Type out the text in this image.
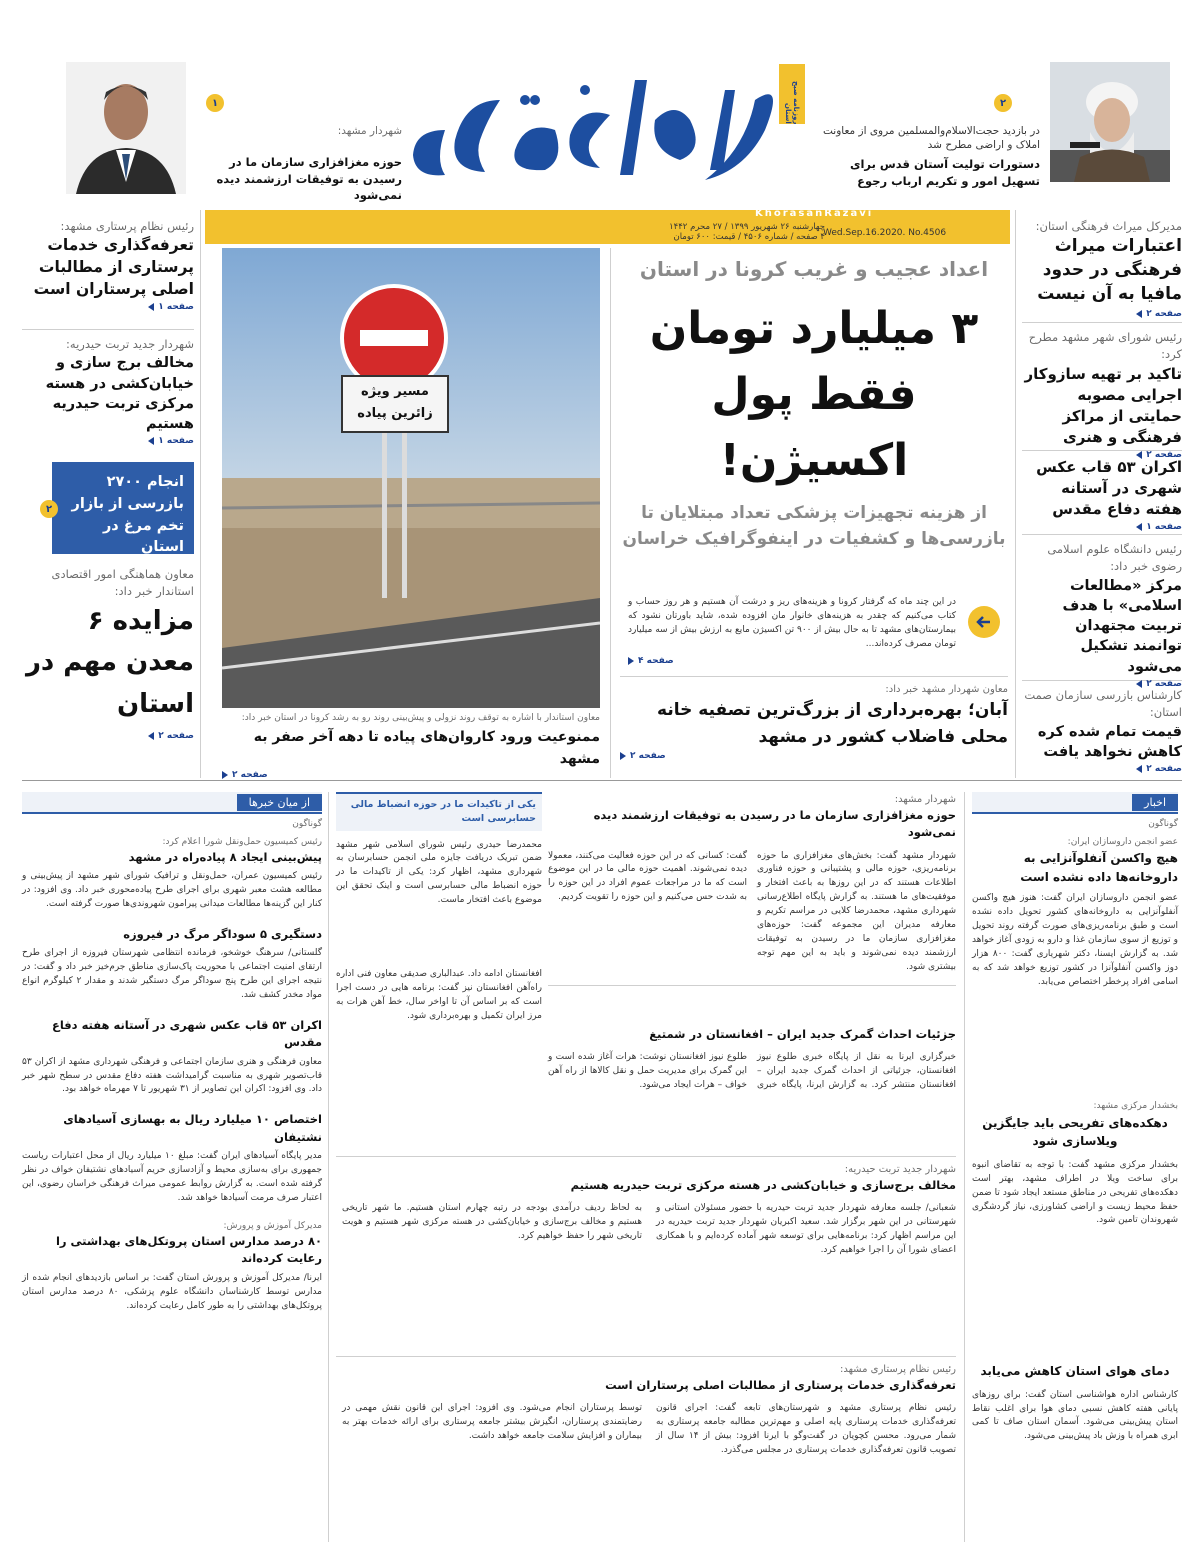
۲
در بازدید حجت‌الاسلام‌والمسلمین مروی از معاونت املاک و اراضی مطرح شد
دستورات تولیت آستان قدس برای تسهیل امور و تکریم ارباب رجوع
روزنامه صبح استان
۱
شهردار مشهد:
حوزه مغزافزاری سازمان ما در رسیدن به توفیقات ارزشمند دیده نمی‌شود
KhorasanRazavi
چهارشنبه ۲۶ شهریور ۱۳۹۹ / ۲۷ محرم ۱۴۴۲
۴ صفحه / شماره ۴۵۰۶ / قیمت: ۶۰۰ تومان
Wed.Sep.16.2020. No.4506	مدیرکل میراث فرهنگی استان:
اعتبارات میراث فرهنگی در حدود مافیا به آن نیست
صفحه ۲
رئیس شورای شهر مشهد مطرح کرد:
تاکید بر تهیه سازوکار اجرایی مصوبه حمایتی از مراکز فرهنگی و هنری
صفحه ۲
اکران ۵۳ قاب عکس شهری در آستانه هفته دفاع مقدس
صفحه ۱
رئیس دانشگاه علوم اسلامی رضوی خبر داد:
مرکز «مطالعات اسلامی» با هدف تربیت مجتهدان توانمند تشکیل می‌شود
صفحه ۲
کارشناس بازرسی سازمان صمت استان:
قیمت تمام شده کره کاهش نخواهد یافت
صفحه ۲
رئیس نظام پرستاری مشهد:
تعرفه‌گذاری خدمات پرستاری از مطالبات اصلی پرستاران است
صفحه ۱
شهردار جدید تربت حیدریه:
مخالف برج سازی و خیابان‌کشی در هسته مرکزی تربت حیدریه هستیم
صفحه ۱
انجام ۲۷۰۰ بازرسی از بازار تخم مرغ در استان
۲
معاون هماهنگی امور اقتصادی استاندار خبر داد:
مزایده ۶ معدن مهم در استان
صفحه ۲
مسیر ویژه
زائرین پیاده
معاون استاندار با اشاره به توقف روند نزولی و پیش‌بینی روند رو به رشد کرونا در استان خبر داد:
ممنوعیت ورود کاروان‌های پیاده تا دهه آخر صفر به مشهد
صفحه ۲
اعداد عجیب و غریب کرونا در استان
۳ میلیارد تومان
فقط پول
اکسیژن!
از هزینه تجهیزات پزشکی تعداد مبتلایان تا بازرسی‌ها و کشفیات در اینفوگرافیک خراسان
در این چند ماه که گرفتار کرونا و هزینه‌های ریز و درشت آن هستیم و هر روز حساب و کتاب می‌کنیم که چقدر به هزینه‌های خانوار مان افزوده شده، شاید باورتان نشود که بیمارستان‌های مشهد تا به حال بیش از ۹۰۰ تن اکسیژن مایع به ارزش بیش از سه میلیارد تومان مصرف کرده‌اند...
صفحه ۴
معاون شهردار مشهد خبر داد:
آبان؛ بهره‌برداری از بزرگ‌ترین تصفیه خانه محلی فاضلاب کشور در مشهد
صفحه ۲
اخبار
گوناگون
عضو انجمن داروسازان ایران:
هیچ واکسن آنفلوآنزایی به داروخانه‌ها داده نشده است
عضو انجمن داروسازان ایران گفت: هنوز هیچ واکسن آنفلوآنزایی به داروخانه‌های کشور تحویل داده نشده است و طبق برنامه‌ریزی‌های صورت گرفته روند تحویل و توزیع از سوی سازمان غذا و دارو به زودی آغاز خواهد شد. به گزارش ایسنا، دکتر شهریاری گفت: ۸۰۰ هزار دوز واکسن آنفلوآنزا در کشور توزیع خواهد شد که به اسامی افراد پرخطر اختصاص می‌یابد.
بخشدار مرکزی مشهد:
دهکده‌های تفریحی باید جایگزین ویلاسازی شود
بخشدار مرکزی مشهد گفت: با توجه به تقاضای انبوه برای ساخت ویلا در اطراف مشهد، بهتر است دهکده‌های تفریحی در مناطق مستعد ایجاد شود تا ضمن حفظ محیط زیست و اراضی کشاورزی، نیاز گردشگری شهروندان تامین شود.
دمای هوای استان کاهش می‌یابد
کارشناس اداره هواشناسی استان گفت: برای روزهای پایانی هفته کاهش نسبی دمای هوا برای اغلب نقاط استان پیش‌بینی می‌شود. آسمان استان صاف تا کمی ابری همراه با وزش باد پیش‌بینی می‌شود.
شهردار مشهد:
حوزه مغزافزاری سازمان ما در رسیدن به توفیقات ارزشمند دیده نمی‌شود
شهردار مشهد گفت: بخش‌های مغزافزاری ما حوزه برنامه‌ریزی، حوزه مالی و پشتیبانی و حوزه فناوری اطلاعات هستند که در این روزها به باعث افتخار و موفقیت‌های ما هستند. به گزارش پایگاه اطلاع‌رسانی شهرداری مشهد، محمدرضا کلایی در مراسم تکریم و معارفه مدیران این مجموعه گفت: حوزه‌های مغزافزاری سازمان ما در رسیدن به توفیقات ارزشمند دیده نمی‌شوند و باید به این مهم توجه بیشتری شود.
گفت: کسانی که در این حوزه فعالیت می‌کنند، معمولا دیده نمی‌شوند. اهمیت حوزه مالی ما در این موضوع است که ما در مراجعات عموم افراد در این حوزه را به شدت حس می‌کنیم و این حوزه را تقویت کردیم.
جزئیات احداث گمرک جدید ایران – افغانستان در شمتیغ
خبرگزاری ایرنا به نقل از پایگاه خبری طلوع نیوز افغانستان، جزئیاتی از احداث گمرک جدید ایران – افغانستان منتشر کرد. به گزارش ایرنا، پایگاه خبری طلوع نیوز افغانستان نوشت: هرات آغاز شده است و این گمرک برای مدیریت حمل و نقل کالاها از راه آهن خواف – هرات ایجاد می‌شود.
یکی از تاکیدات ما در حوزه انضباط مالی حسابرسی است
محمدرضا حیدری رئیس شورای اسلامی شهر مشهد ضمن تبریک دریافت جایزه ملی انجمن حسابرسان به شهرداری مشهد، اظهار کرد: یکی از تاکیدات ما در حوزه انضباط مالی حسابرسی است و اینک تحقق این موضوع باعث افتخار ماست.
افغانستان ادامه داد. عبدالباری صدیقی معاون فنی اداره راه‌آهن افغانستان نیز گفت: برنامه هایی در دست اجرا است که بر اساس آن تا اواخر سال، خط آهن هرات به مرز ایران تکمیل و بهره‌برداری شود.
شهردار جدید تربت حیدریه:
مخالف برج‌سازی و خیابان‌کشی در هسته مرکزی تربت حیدریه هستیم
شعبانی/ جلسه معارفه شهردار جدید تربت حیدریه با حضور مسئولان استانی و شهرستانی در این شهر برگزار شد. سعید اکبریان شهردار جدید تربت حیدریه در این مراسم اظهار کرد: برنامه‌هایی برای توسعه شهر آماده کرده‌ایم و با همکاری اعضای شورا آن را اجرا خواهیم کرد.
به لحاظ ردیف درآمدی بودجه در رتبه چهارم استان هستیم. ما شهر تاریخی هستیم و مخالف برج‌سازی و خیابان‌کشی در هسته مرکزی شهر هستیم و هویت تاریخی شهر را حفظ خواهیم کرد.
رئیس نظام پرستاری مشهد:
تعرفه‌گذاری خدمات پرستاری از مطالبات اصلی پرستاران است
رئیس نظام پرستاری مشهد و شهرستان‌های تابعه گفت: اجرای قانون تعرفه‌گذاری خدمات پرستاری پایه اصلی و مهم‌ترین مطالبه جامعه پرستاری به شمار می‌رود. محسن کچویان در گفت‌وگو با ایرنا افزود: بیش از ۱۴ سال از تصویب قانون تعرفه‌گذاری خدمات پرستاری در مجلس می‌گذرد.
توسط پرستاران انجام می‌شود. وی افزود: اجرای این قانون نقش مهمی در رضایتمندی پرستاران، انگیزش بیشتر جامعه پرستاری برای ارائه خدمات بهتر به بیماران و افزایش سلامت جامعه خواهد داشت.
از میان خبرها
گوناگون
رئیس کمیسیون حمل‌ونقل شورا اعلام کرد:
پیش‌بینی ایجاد ۸ پیاده‌راه در مشهد
رئیس کمیسیون عمران، حمل‌ونقل و ترافیک شورای شهر مشهد از پیش‌بینی و مطالعه هشت معبر شهری برای اجرای طرح پیاده‌محوری خبر داد. وی افزود: در کنار این گزینه‌ها مطالعات میدانی پیرامون شهروندی‌ها صورت گرفته است.
دستگیری ۵ سوداگر مرگ در فیروزه
گلستانی/ سرهنگ خوشخو، فرمانده انتظامی شهرستان فیروزه از اجرای طرح ارتقای امنیت اجتماعی با محوریت پاک‌سازی مناطق جرم‌خیز خبر داد و گفت: در نتیجه اجرای این طرح پنج سوداگر مرگ دستگیر شدند و مقدار ۲ کیلوگرم انواع مواد مخدر کشف شد.
اکران ۵۳ قاب عکس شهری در آستانه هفته دفاع مقدس
معاون فرهنگی و هنری سازمان اجتماعی و فرهنگی شهرداری مشهد از اکران ۵۳ قاب‌تصویر شهری به مناسبت گرامیداشت هفته دفاع مقدس در سطح شهر خبر داد. وی افزود: اکران این تصاویر از ۳۱ شهریور تا ۷ مهرماه خواهد بود.
اختصاص ۱۰ میلیارد ریال به بهسازی آسیادهای نشتیفان
مدیر پایگاه آسیادهای ایران گفت: مبلغ ۱۰ میلیارد ریال از محل اعتبارات ریاست جمهوری برای به‌سازی محیط و آزادسازی حریم آسیادهای نشتیفان خواف در نظر گرفته شده است. به گزارش روابط عمومی میراث فرهنگی خراسان رضوی، این اعتبار صرف مرمت آسیادها خواهد شد.
مدیرکل آموزش و پرورش:
۸۰ درصد مدارس استان پروتکل‌های بهداشتی را رعایت کرده‌اند
ایرنا/ مدیرکل آموزش و پرورش استان گفت: بر اساس بازدیدهای انجام شده از مدارس توسط کارشناسان دانشگاه علوم پزشکی، ۸۰ درصد مدارس استان پروتکل‌های بهداشتی را به طور کامل رعایت کرده‌اند.
